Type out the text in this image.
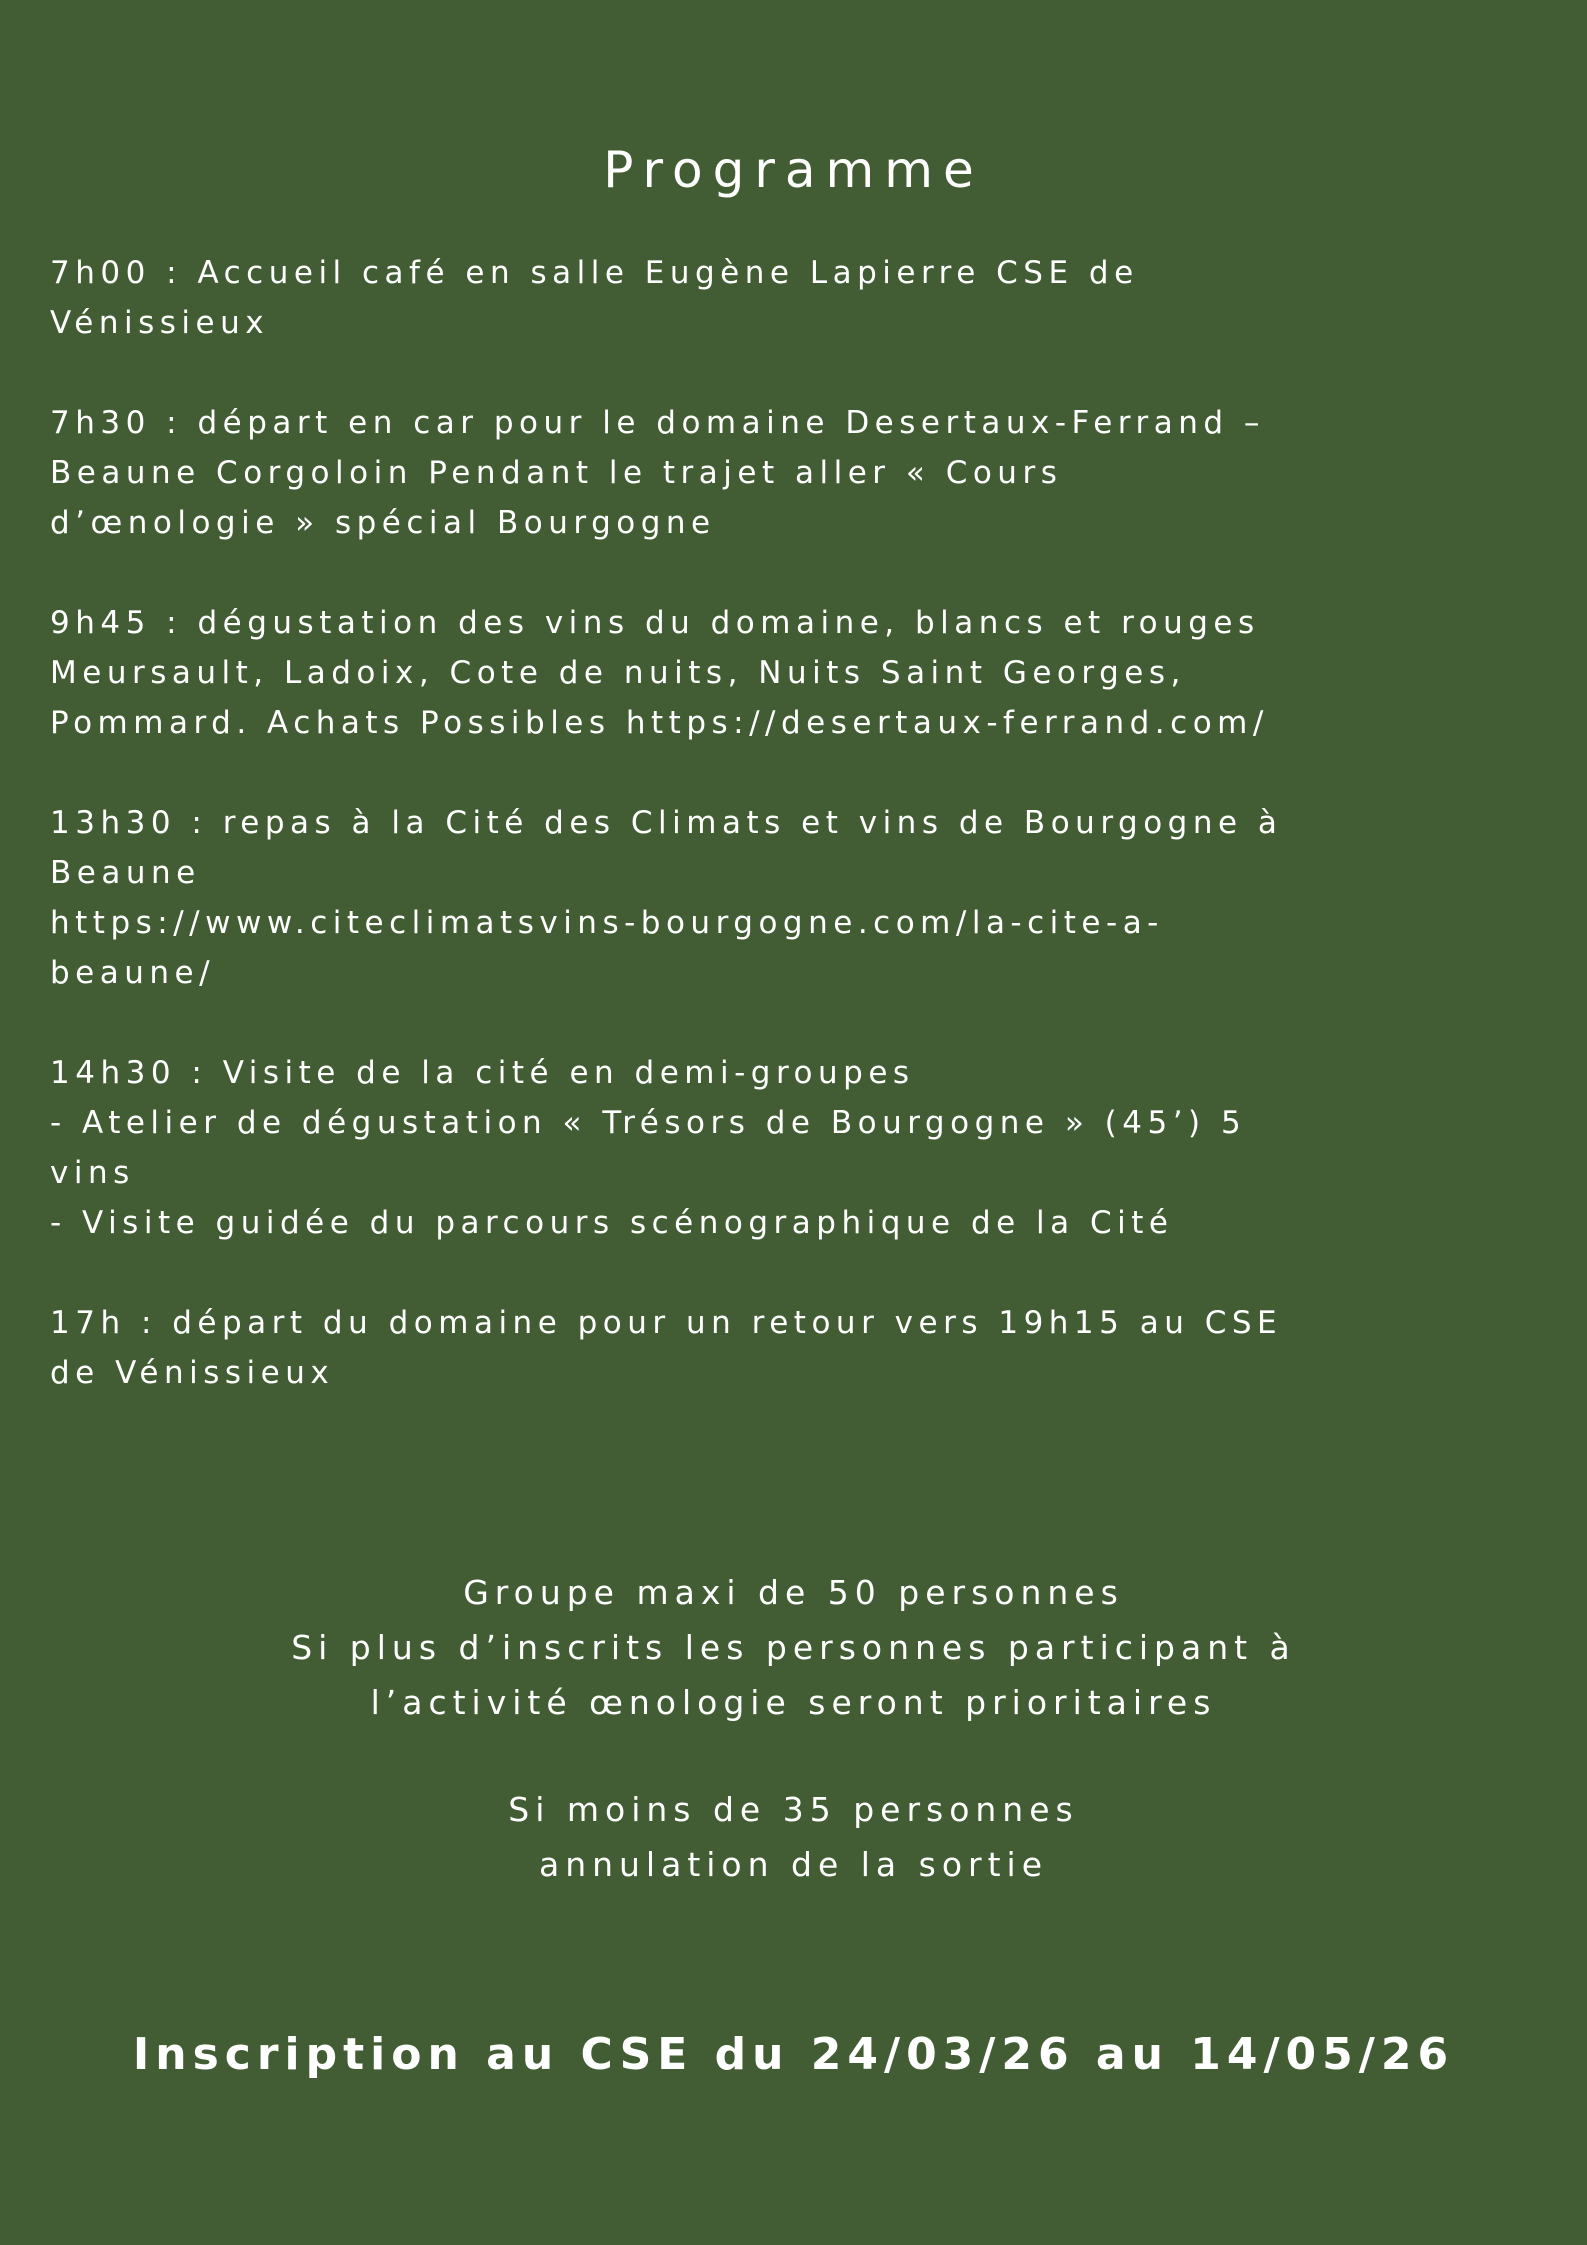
Programme

7h00 : Accueil café en salle Eugène Lapierre CSE de
Vénissieux

7h30 : départ en car pour le domaine Desertaux-Ferrand –
Beaune Corgoloin Pendant le trajet aller « Cours
d’œnologie » spécial Bourgogne

9h45 : dégustation des vins du domaine, blancs et rouges
Meursault, Ladoix, Cote de nuits, Nuits Saint Georges,
Pommard. Achats Possibles https://desertaux-ferrand.com/

13h30 : repas à la Cité des Climats et vins de Bourgogne à
Beaune
https://www.citeclimatsvins-bourgogne.com/la-cite-a-
beaune/

14h30 : Visite de la cité en demi-groupes
- Atelier de dégustation « Trésors de Bourgogne » (45’) 5
vins
- Visite guidée du parcours scénographique de la Cité

17h : départ du domaine pour un retour vers 19h15 au CSE
de Vénissieux

Groupe maxi de 50 personnes
Si plus d’inscrits les personnes participant à
l’activité œnologie seront prioritaires
Si moins de 35 personnes
annulation de la sortie
Inscription au CSE du 24/03/26 au 14/05/26
